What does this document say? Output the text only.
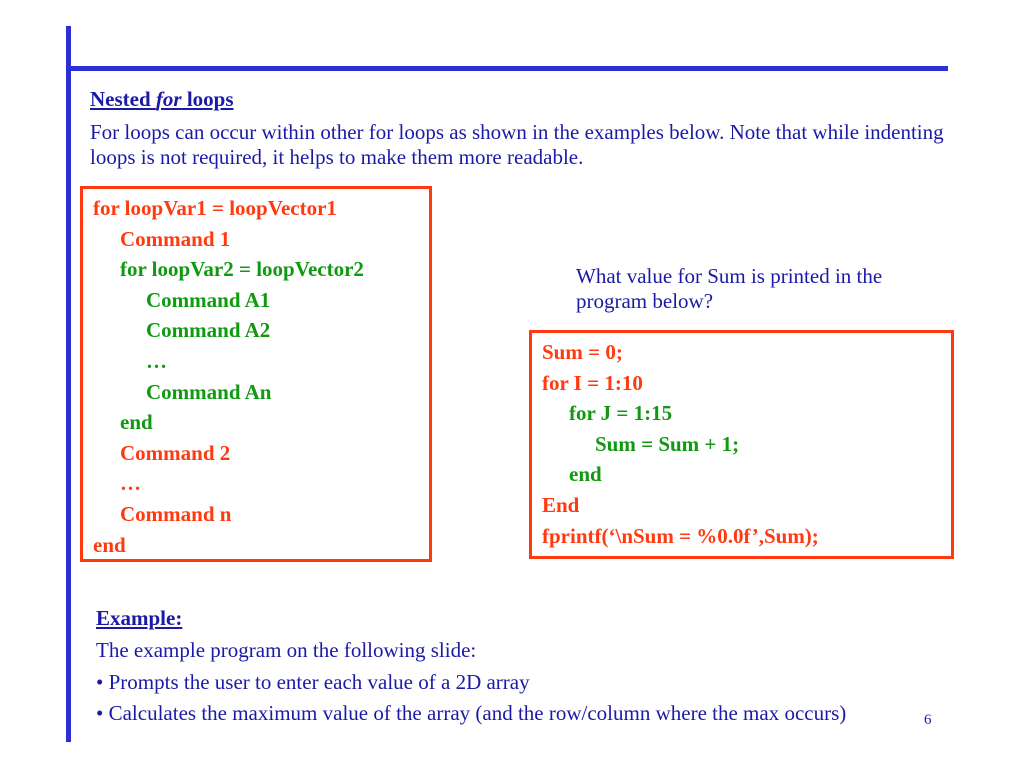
Nested for loops
For loops can occur within other for loops as shown in the examples below. Note that while indenting loops is not required, it helps to make them more readable.
for loopVar1 = loopVector1
Command 1
for loopVar2 = loopVector2
Command A1
Command A2
…
Command An
end
Command 2
…
Command n
end
What value for Sum is printed in the program below?
Sum = 0;
for I = 1:10
for J = 1:15
Sum = Sum + 1;
end
End
fprintf(‘\nSum = %0.0f’,Sum);
Example:
The example program on the following slide:
• Prompts the user to enter each value of a 2D array
• Calculates the maximum value of the array (and the row/column where the max occurs)	6
